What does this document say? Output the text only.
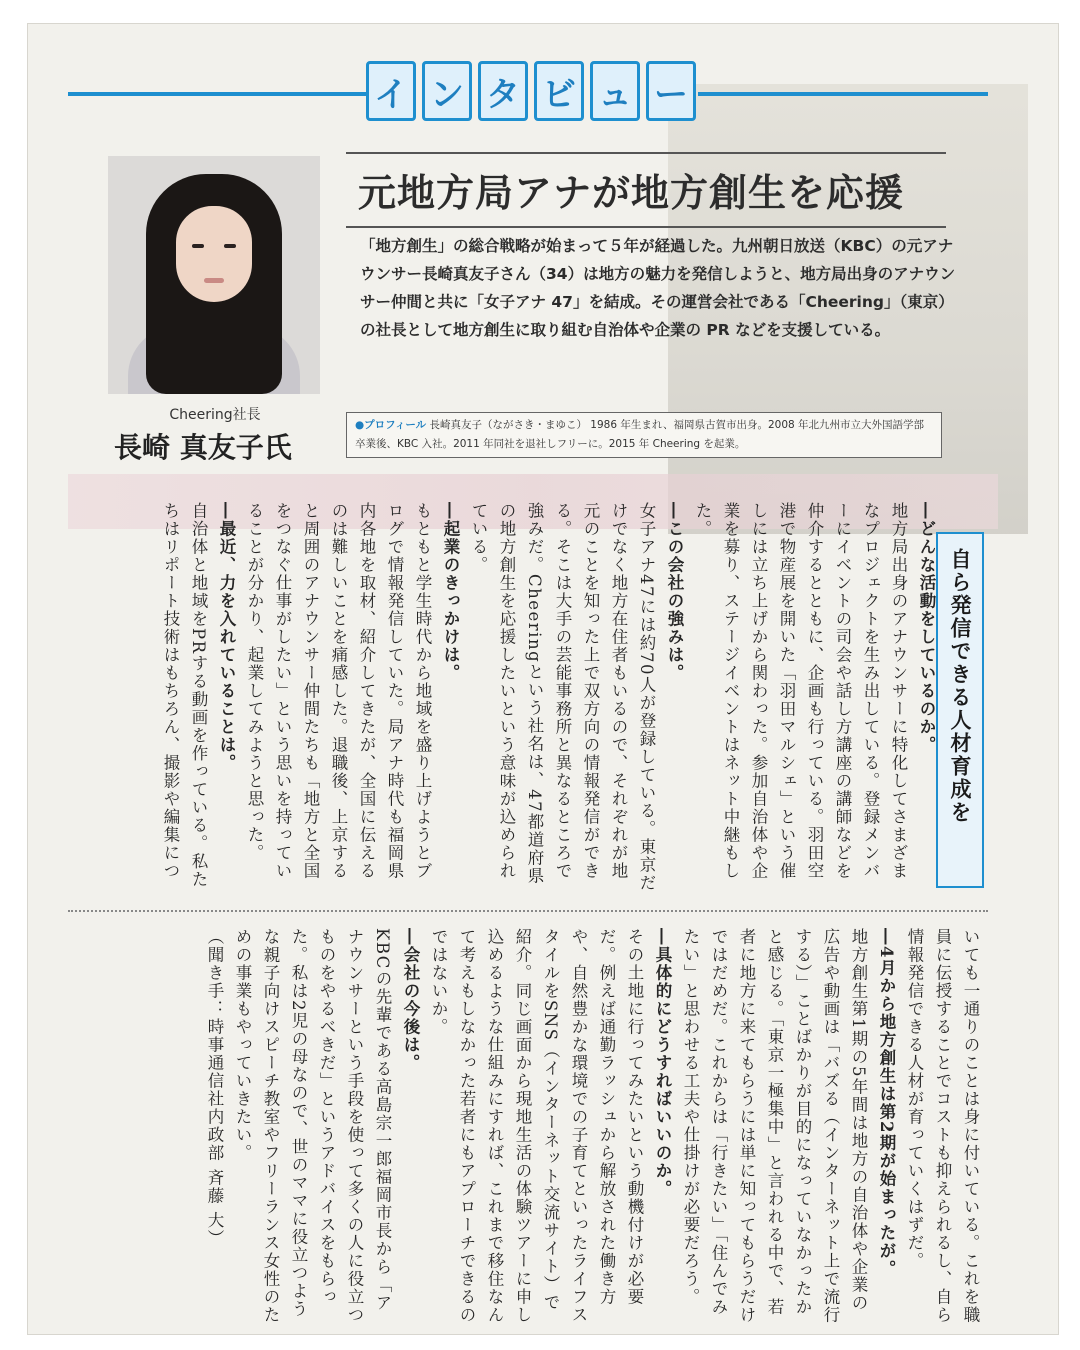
イ ン タ ビ ュ ー
元地方局アナが地方創生を応援
「地方創生」の総合戦略が始まって５年が経過した。九州朝日放送（KBC）の元アナウンサー長崎真友子さん（34）は地方の魅力を発信しようと、地方局出身のアナウンサー仲間と共に「女子アナ 47」を結成。その運営会社である「Cheering」（東京）の社長として地方創生に取り組む自治体や企業の PR などを支援している。
Cheering社長
長崎 真友子氏
●プロフィール 長崎真友子（ながさき・まゆこ） 1986 年生まれ、福岡県古賀市出身。2008 年北九州市立大外国語学部卒業後、KBC 入社。2011 年同社を退社しフリーに。2015 年 Cheering を起業。

―どんな活動をしているのか。

地方局出身のアナウンサーに特化してさまざまなプロジェクトを生み出している。登録メンバーにイベントの司会や話し方講座の講師などを仲介するとともに、企画も行っている。羽田空港で物産展を開いた「羽田マルシェ」という催しには立ち上げから関わった。参加自治体や企業を募り、ステージイベントはネット中継もした。

―この会社の強みは。

女子アナ47には約70人が登録している。東京だけでなく地方在住者もいるので、それぞれが地元のことを知った上で双方向の情報発信ができる。そこは大手の芸能事務所と異なるところで強みだ。Cheeringという社名は、47都道府県の地方創生を応援したいという意味が込められている。

―起業のきっかけは。

もともと学生時代から地域を盛り上げようとブログで情報発信していた。局アナ時代も福岡県内各地を取材、紹介してきたが、全国に伝えるのは難しいことを痛感した。退職後、上京すると周囲のアナウンサー仲間たちも「地方と全国をつなぐ仕事がしたい」という思いを持っていることが分かり、起業してみようと思った。

―最近、力を入れていることは。

自治体と地域をPRする動画を作っている。私たちはリポート技術はもちろん、撮影や編集につ	自ら発信できる人材育成を

いても一通りのことは身に付いている。これを職員に伝授することでコストも抑えられるし、自ら情報発信できる人材が育っていくはずだ。

―4月から地方創生は第2期が始まったが。

地方創生第1期の5年間は地方の自治体や企業の広告や動画は「バズる（インターネット上で流行する）」ことばかりが目的になっていなかったかと感じる。「東京一極集中」と言われる中で、若者に地方に来てもらうには単に知ってもらうだけではだめだ。これからは「行きたい」「住んでみたい」と思わせる工夫や仕掛けが必要だろう。

―具体的にどうすればいいのか。

その土地に行ってみたいという動機付けが必要だ。例えば通勤ラッシュから解放された働き方や、自然豊かな環境での子育てといったライフスタイルをSNS（インターネット交流サイト）で紹介。同じ画面から現地生活の体験ツアーに申し込めるような仕組みにすれば、これまで移住なんて考えもしなかった若者にもアプローチできるのではないか。

―会社の今後は。

KBCの先輩である高島宗一郎福岡市長から「アナウンサーという手段を使って多くの人に役立つものをやるべきだ」というアドバイスをもらった。私は2児の母なので、世のママに役立つような親子向けスピーチ教室やフリーランス女性のための事業もやっていきたい。

（聞き手：時事通信社内政部 斉藤 大）
